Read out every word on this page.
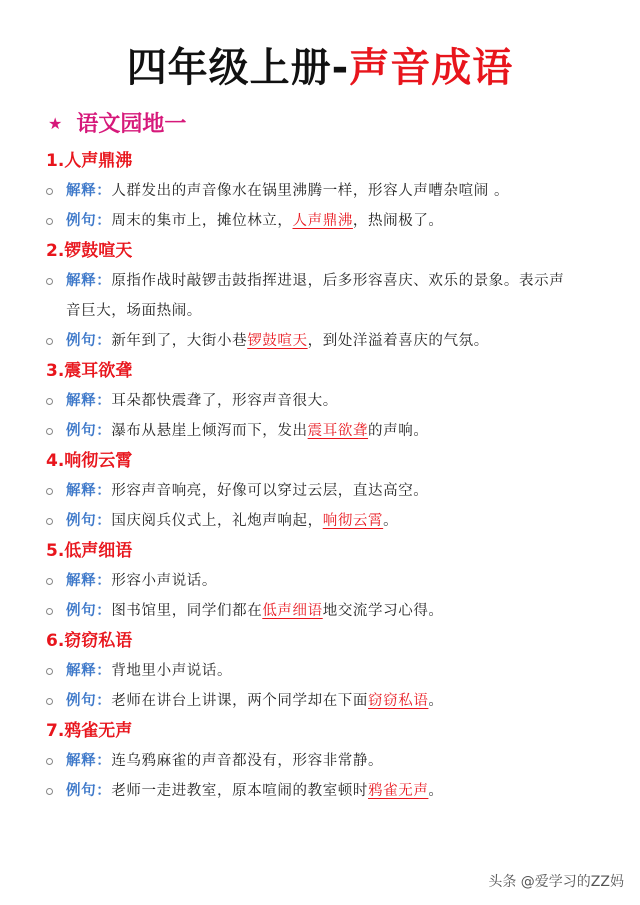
四年级上册-声音成语
★ 语文园地一
1.人声鼎沸
解释：人群发出的声音像水在锅里沸腾一样，形容人声嘈杂喧闹 。
例句：周末的集市上，摊位林立，人声鼎沸，热闹极了。
2.锣鼓喧天
解释：原指作战时敲锣击鼓指挥进退，后多形容喜庆、欢乐的景象。表示声音巨大，场面热闹。
例句：新年到了，大街小巷锣鼓喧天，到处洋溢着喜庆的气氛。
3.震耳欲聋
解释：耳朵都快震聋了，形容声音很大。
例句：瀑布从悬崖上倾泻而下，发出震耳欲聋的声响。
4.响彻云霄
解释：形容声音响亮，好像可以穿过云层，直达高空。
例句：国庆阅兵仪式上，礼炮声响起，响彻云霄。
5.低声细语
解释：形容小声说话。
例句：图书馆里，同学们都在低声细语地交流学习心得。
6.窃窃私语
解释：背地里小声说话。
例句：老师在讲台上讲课，两个同学却在下面窃窃私语。
7.鸦雀无声
解释：连乌鸦麻雀的声音都没有，形容非常静。
例句：老师一走进教室，原本喧闹的教室顿时鸦雀无声。
头条 @爱学习的ZZ妈
